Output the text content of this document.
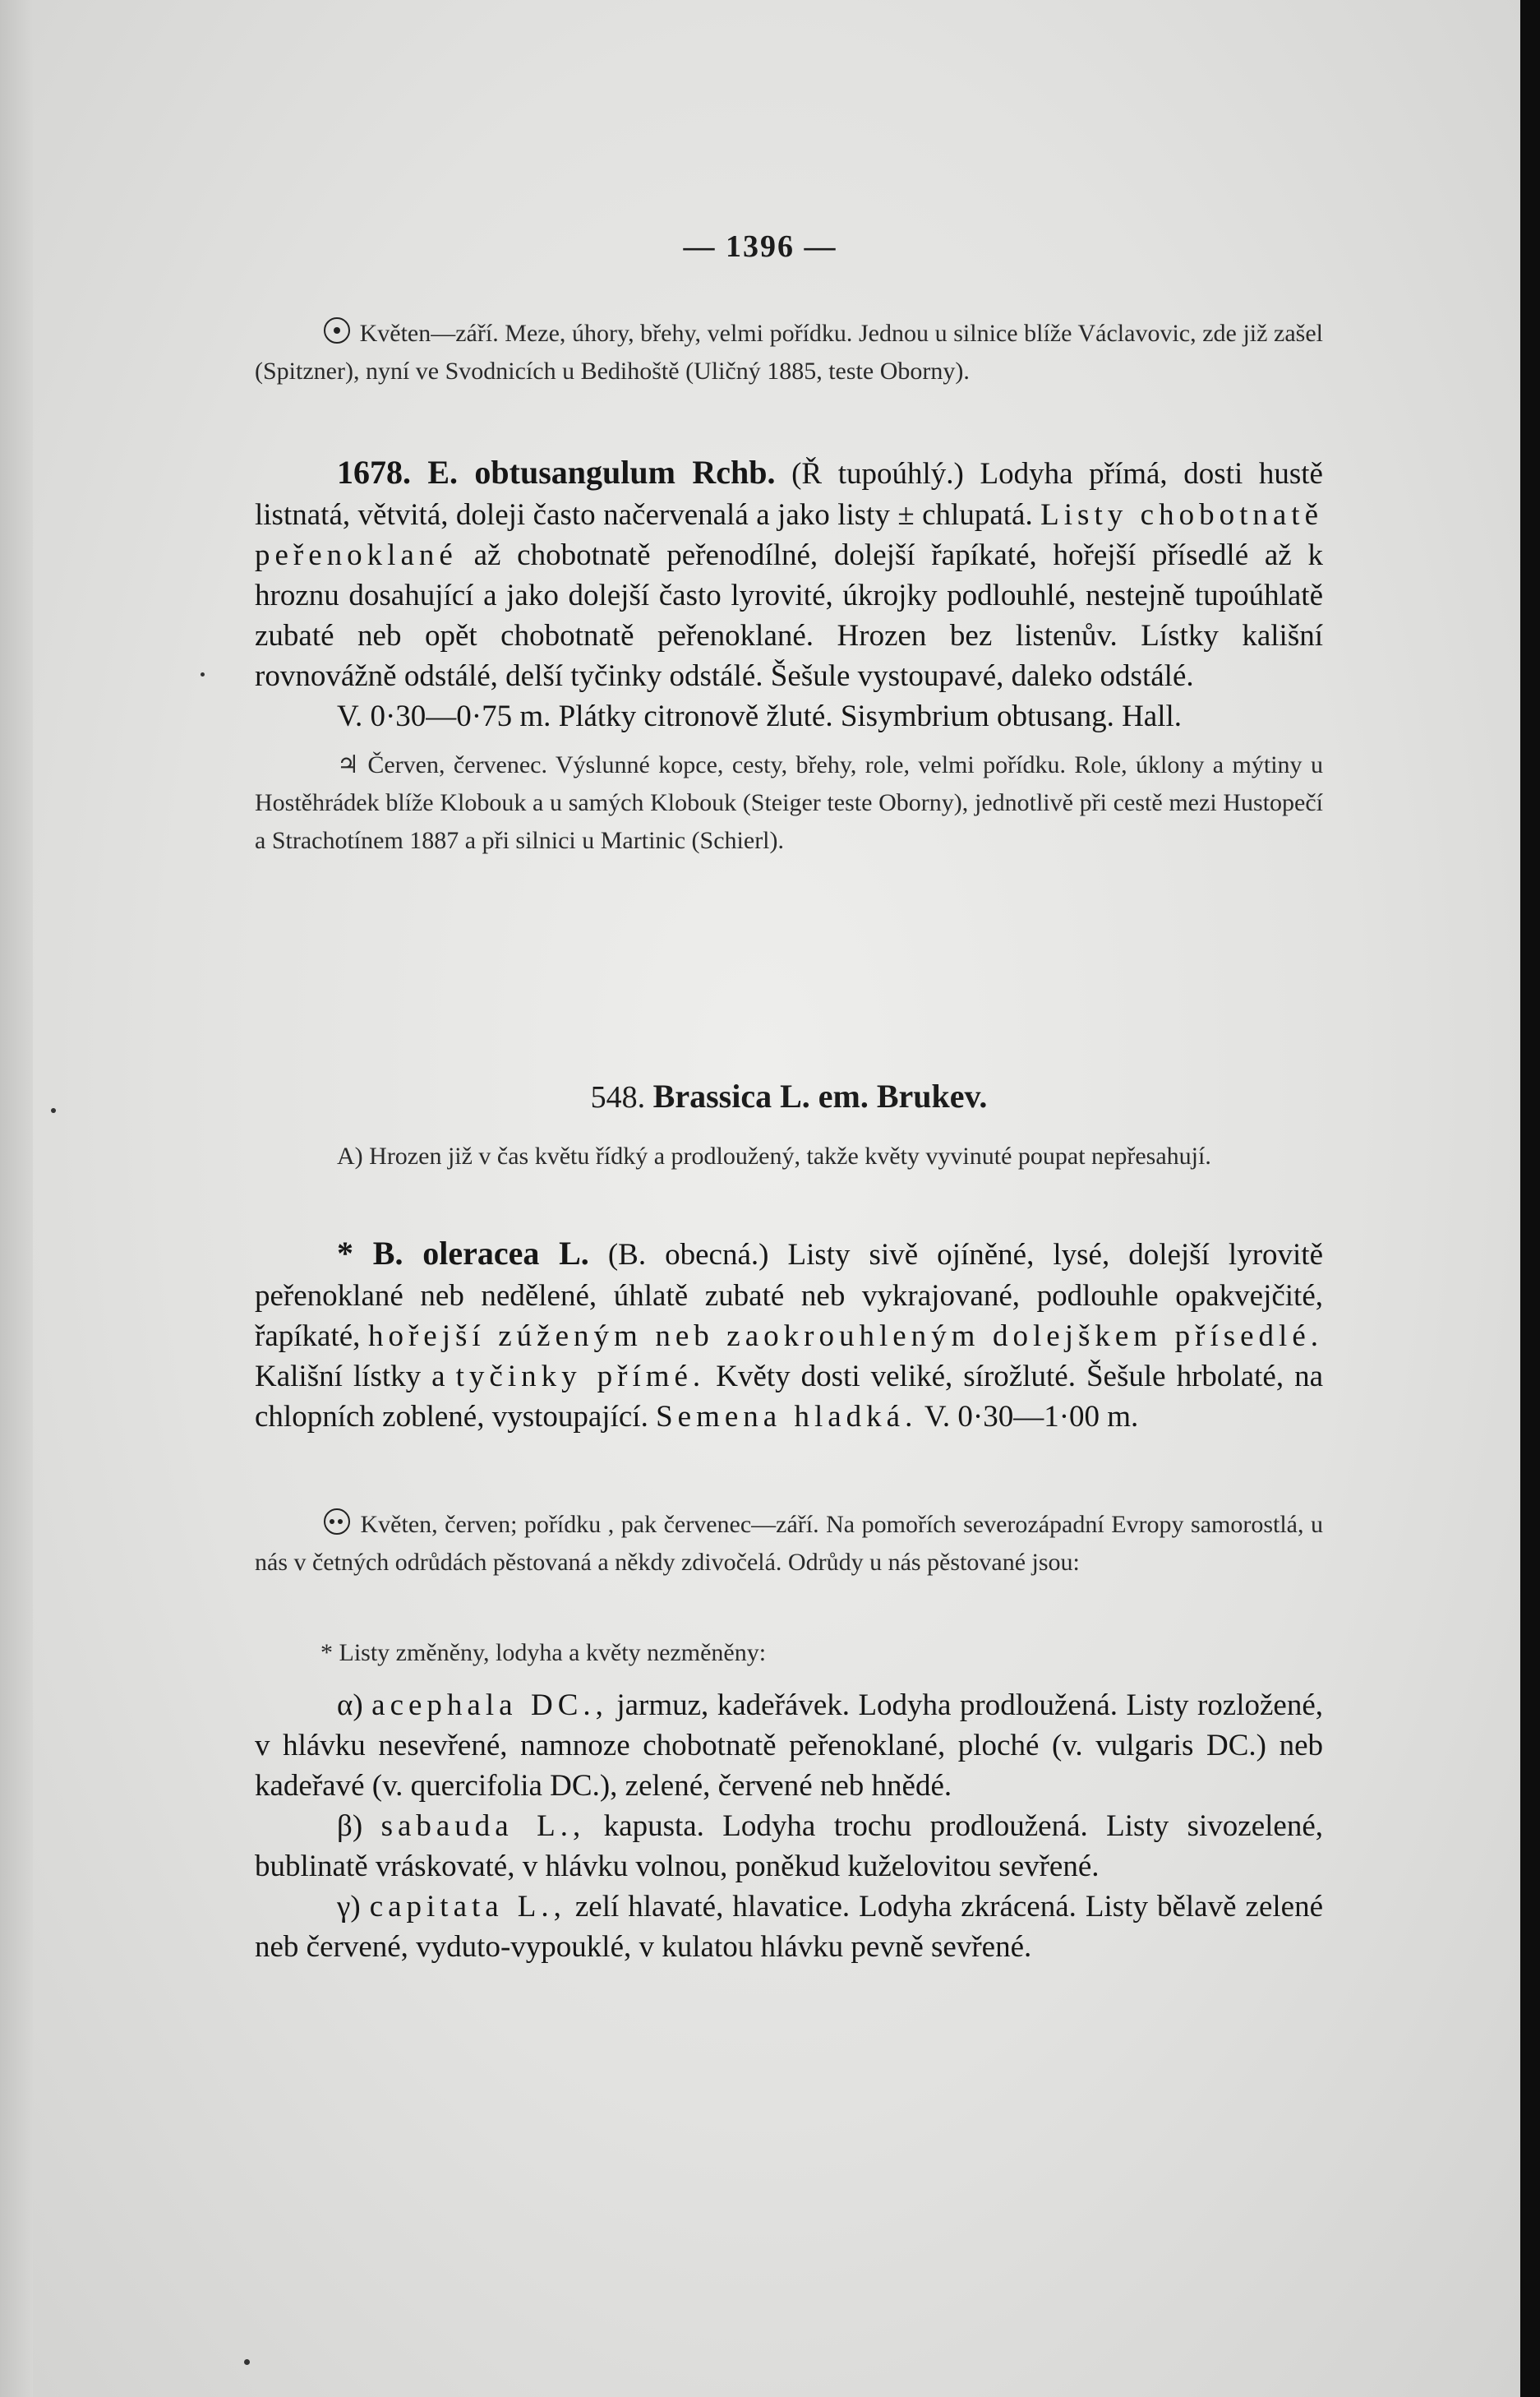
— 1396 —

Květen—září. Meze, úhory, břehy, velmi pořídku. Jednou u silnice blíže Václavovic, zde již zašel (Spitzner), nyní ve Svodnicích u Bedihoště (Uličný 1885, teste Oborny).

1678. E. obtusangulum Rchb. (Ř tupoúhlý.) Lodyha přímá, dosti hustě listnatá, větvitá, doleji často načervenalá a jako listy ± chlupatá. Listy chobotnatě peřenoklané až chobotnatě peřenodílné, dolejší řapíkaté, hořejší přísedlé až k hroznu dosahující a jako dolejší často lyrovité, úkrojky podlouhlé, nestejně tupoúhlatě zubaté neb opět chobotnatě peřenoklané. Hrozen bez listenův. Lístky kališní rovnovážně odstálé, delší tyčinky odstálé. Šešule vystoupavé, daleko odstálé.

V. 0·30—0·75 m. Plátky citronově žluté. Sisymbrium obtusang. Hall.

♃ Červen, červenec. Výslunné kopce, cesty, břehy, role, velmi pořídku. Role, úklony a mýtiny u Hostěhrádek blíže Klobouk a u samých Klobouk (Steiger teste Oborny), jednotlivě při cestě mezi Hustopečí a Strachotínem 1887 a při silnici u Martinic (Schierl).

548. Brassica L. em. Brukev.

A) Hrozen již v čas květu řídký a prodloužený, takže květy vyvinuté poupat nepřesahují.

* B. oleracea L. (B. obecná.) Listy sivě ojíněné, lysé, dolejší lyrovitě peřenoklané neb nedělené, úhlatě zubaté neb vykrajované, podlouhle opakvejčité, řapíkaté, hořejší zúženým neb zaokrouhleným dolejškem přísedlé. Kališní lístky a tyčinky přímé. Květy dosti veliké, sírožluté. Šešule hrbolaté, na chlopních zoblené, vystoupající. Semena hladká. V. 0·30—1·00 m.

Květen, červen; pořídku , pak červenec—září. Na pomořích severozápadní Evropy samorostlá, u nás v četných odrůdách pěstovaná a někdy zdivočelá. Odrůdy u nás pěstované jsou:

* Listy změněny, lodyha a květy nezměněny:

α) acephala DC., jarmuz, kadeřávek. Lodyha prodloužená. Listy rozložené, v hlávku nesevřené, namnoze chobotnatě peřenoklané, ploché (v. vulgaris DC.) neb kadeřavé (v. quercifolia DC.), zelené, červené neb hnědé.

β) sabauda L., kapusta. Lodyha trochu prodloužená. Listy sivozelené, bublinatě vráskovaté, v hlávku volnou, poněkud kuželovitou sevřené.

γ) capitata L., zelí hlavaté, hlavatice. Lodyha zkrácená. Listy bělavě zelené neb červené, vyduto-vypouklé, v kulatou hlávku pevně sevřené.
